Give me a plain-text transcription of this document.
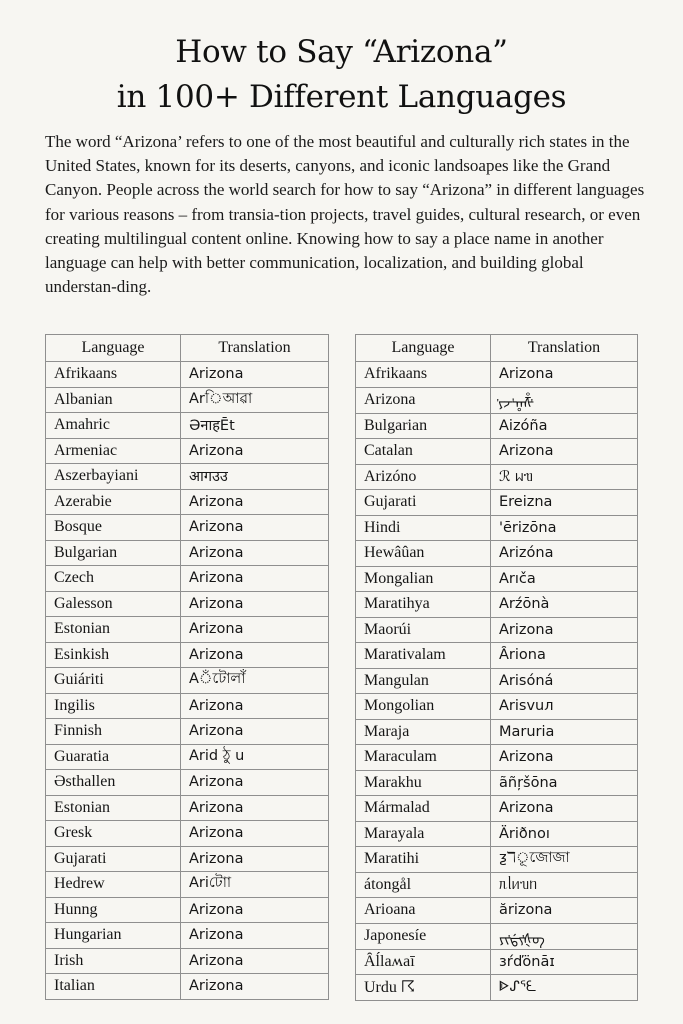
How to Say “Arizona”
in 100+ Different Languages

The word “Arizona’ refers to one of the most beautiful and culturally rich states in the United States, known for its deserts, canyons, and iconic landsoapes like the Grand Canyon. People across the world search for how to say “Arizona” in different languages for various reasons – from transia-tion projects, travel guides, cultural research, or even creating multilingual content online. Knowing how to say a place name in another language can help with better communication, localization, and building global understan-ding.

Language	Translation
Afrikaans	Arizona
Albanian	Arিআৱা
Amahric	ƏनाहĒt
Armeniac	Arizona
Aszerbayiani	आगउउ
Azerabie	Arizona
Bosque	Arizona
Bulgarian	Arizona
Czech	Arizona
Galesson	Arizona
Estonian	Arizona
Esinkish	Arizona
Guiáriti	Aঁটোলাঁ
Ingilis	Arizona
Finnish	Arizona
Guaratia	Arid ঠু u
Əsthallen	Arizona
Estonian	Arizona
Gresk	Arizona
Gujarati	Arizona
Hedrew	Ariটোা
Hunng	Arizona
Hungarian	Arizona
Irish	Arizona
Italian	Arizona
Language	Translation
Afrikaans	Arizona
Arizona	ᡃᠶᠵᡃᡎᢜᡃ
Bulgarian	Aizóña
Catalan	Arizona
Arizóno	ℛ ᥕᥓ
Gujarati	Ereizna
Hindi	'ērizōna
Hewâûan	Arizóna
Mongalian	Arıča
Maratihya	Arźōnà
Maorúi	Arizona
Marativalam	Ȃriona
Mangulan	Arisóná
Mongolian	Arisvuл
Maraja	Maruria
Maraculam	Arizona
Marakhu	ãñŗšōna
Mármalad	Arizona
Marayala	Äriðnoı
Maratihi	ƺℸূজোজা
átongål	ᥰᥣᥢᥔᥒ
Arioana	ărizona
Japonesíe	ᠶᡳᡃᡩᡪᡃᡧᡋ
Ȃĺlaʍaī	ɜŕďönāɪ
Urdu ☈	ᐈᔑᕐᘍ
